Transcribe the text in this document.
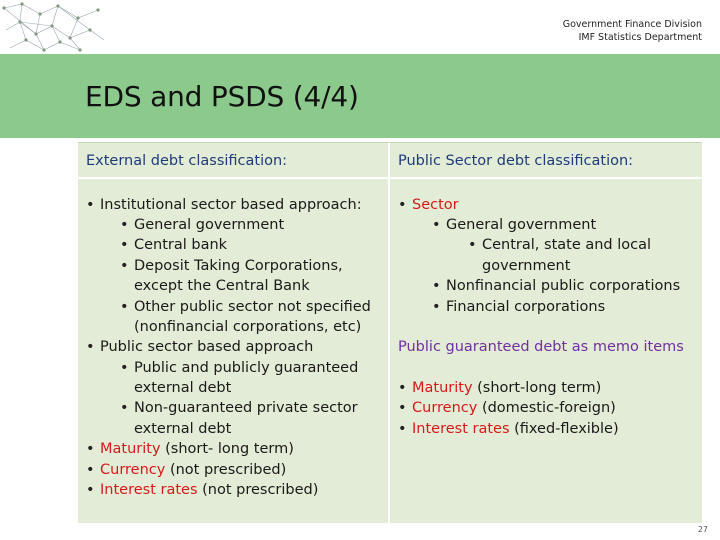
Government Finance Division
IMF Statistics Department
EDS and PSDS (4/4)
External debt classification:
• Institutional sector based approach:
• General government
• Central bank
• Deposit Taking Corporations,
except the Central Bank
• Other public sector not specified
(nonfinancial corporations, etc)
• Public sector based approach
• Public and publicly guaranteed
external debt
• Non-guaranteed private sector
external debt
• Maturity (short- long term)
• Currency (not prescribed)
• Interest rates (not prescribed)
Public Sector debt classification:
• Sector
• General government
• Central, state and local
government
• Nonfinancial public corporations
• Financial corporations
Public guaranteed debt as memo items
• Maturity (short-long term)
• Currency (domestic-foreign)
• Interest rates (fixed-flexible)
27
